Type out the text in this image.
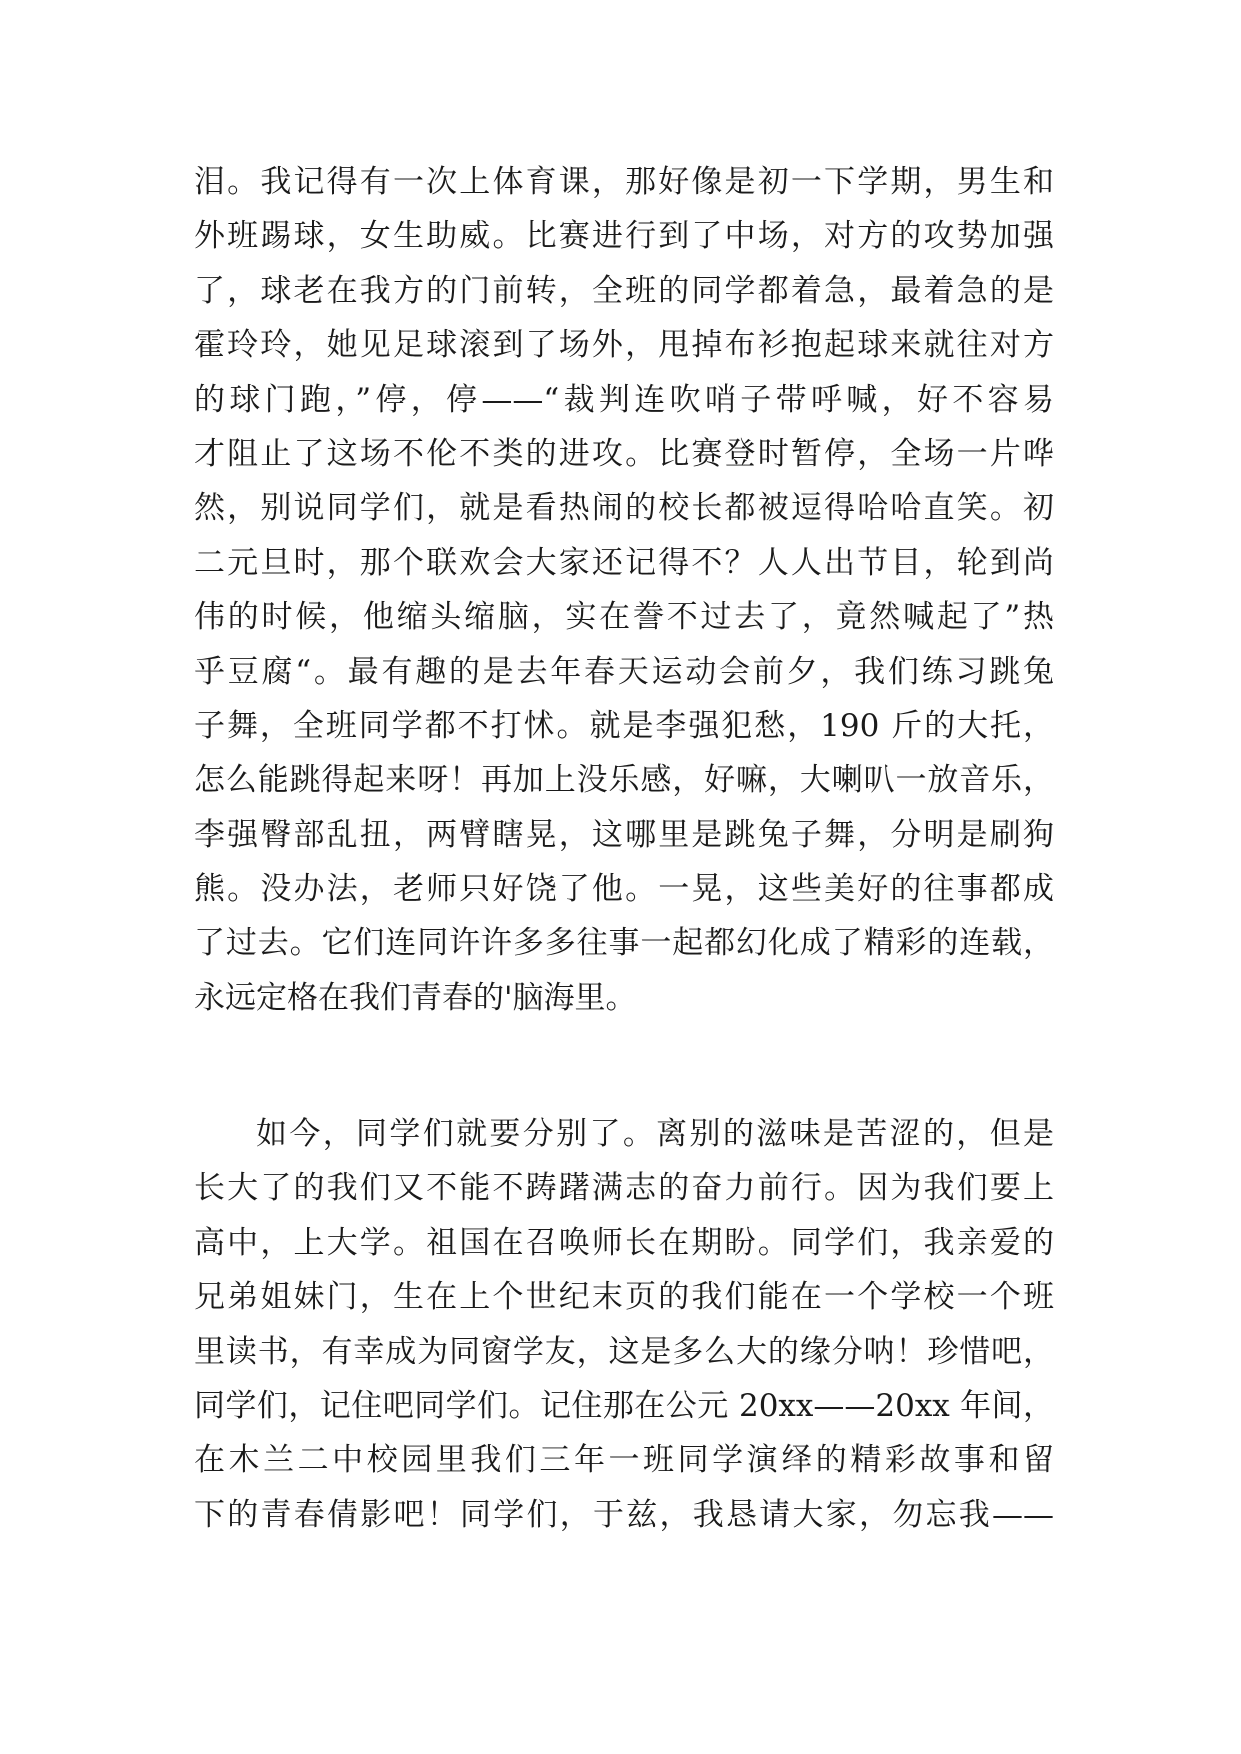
泪。我记得有一次上体育课，那好像是初一下学期，男生和
外班踢球，女生助威。比赛进行到了中场，对方的攻势加强
了，球老在我方的门前转，全班的同学都着急，最着急的是
霍玲玲，她见足球滚到了场外，甩掉布衫抱起球来就往对方
的球门跑，”停，停——“裁判连吹哨子带呼喊，好不容易
才阻止了这场不伦不类的进攻。比赛登时暂停，全场一片哗
然，别说同学们，就是看热闹的校长都被逗得哈哈直笑。初
二元旦时，那个联欢会大家还记得不？人人出节目，轮到尚
伟的时候，他缩头缩脑，实在誊不过去了，竟然喊起了”热
乎豆腐“。最有趣的是去年春天运动会前夕，我们练习跳兔
子舞，全班同学都不打怵。就是李强犯愁，190 斤的大托，
怎么能跳得起来呀！再加上没乐感，好嘛，大喇叭一放音乐，
李强臀部乱扭，两臂瞎晃，这哪里是跳兔子舞，分明是刷狗
熊。没办法，老师只好饶了他。一晃，这些美好的往事都成
了过去。它们连同许许多多往事一起都幻化成了精彩的连载，
永远定格在我们青春的'脑海里。
如今，同学们就要分别了。离别的滋味是苦涩的，但是
长大了的我们又不能不踌躇满志的奋力前行。因为我们要上
高中，上大学。祖国在召唤师长在期盼。同学们，我亲爱的
兄弟姐妹门，生在上个世纪末页的我们能在一个学校一个班
里读书，有幸成为同窗学友，这是多么大的缘分呐！珍惜吧，
同学们，记住吧同学们。记住那在公元 20xx——20xx 年间，
在木兰二中校园里我们三年一班同学演绎的精彩故事和留
下的青春倩影吧！同学们，于兹，我恳请大家，勿忘我——
